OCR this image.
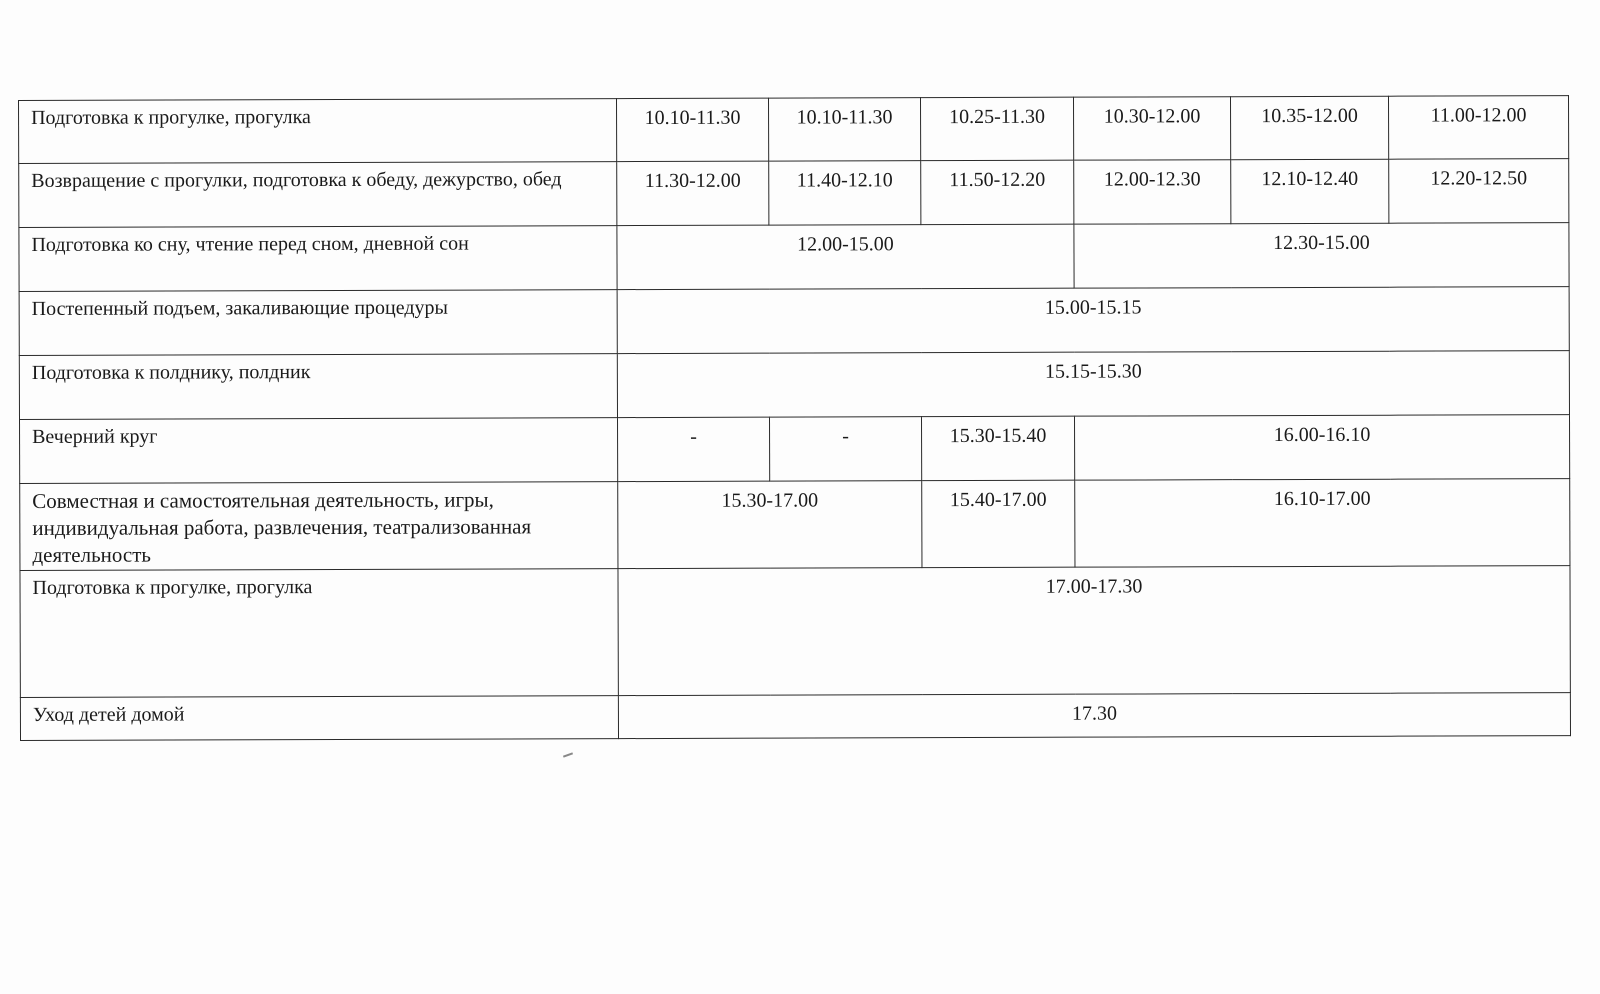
Подготовка к прогулке, прогулка	10.10-11.30	10.10-11.30	10.25-11.30	10.30-12.00	10.35-12.00	11.00-12.00
Возвращение с прогулки, подготовка к обеду, дежурство, обед	11.30-12.00	11.40-12.10	11.50-12.20	12.00-12.30	12.10-12.40	12.20-12.50
Подготовка ко сну, чтение перед сном, дневной сон	12.00-15.00			12.30-15.00		
Постепенный подъем, закаливающие процедуры	15.00-15.15					
Подготовка к полднику, полдник	15.15-15.30					
Вечерний круг	-	-	15.30-15.40	16.00-16.10		
Совместная и самостоятельная деятельность, игры, индивидуальная работа, развлечения, театрализованная деятельность	15.30-17.00		15.40-17.00	16.10-17.00		
Подготовка к прогулке, прогулка	17.00-17.30					
Уход детей домой	17.30					
